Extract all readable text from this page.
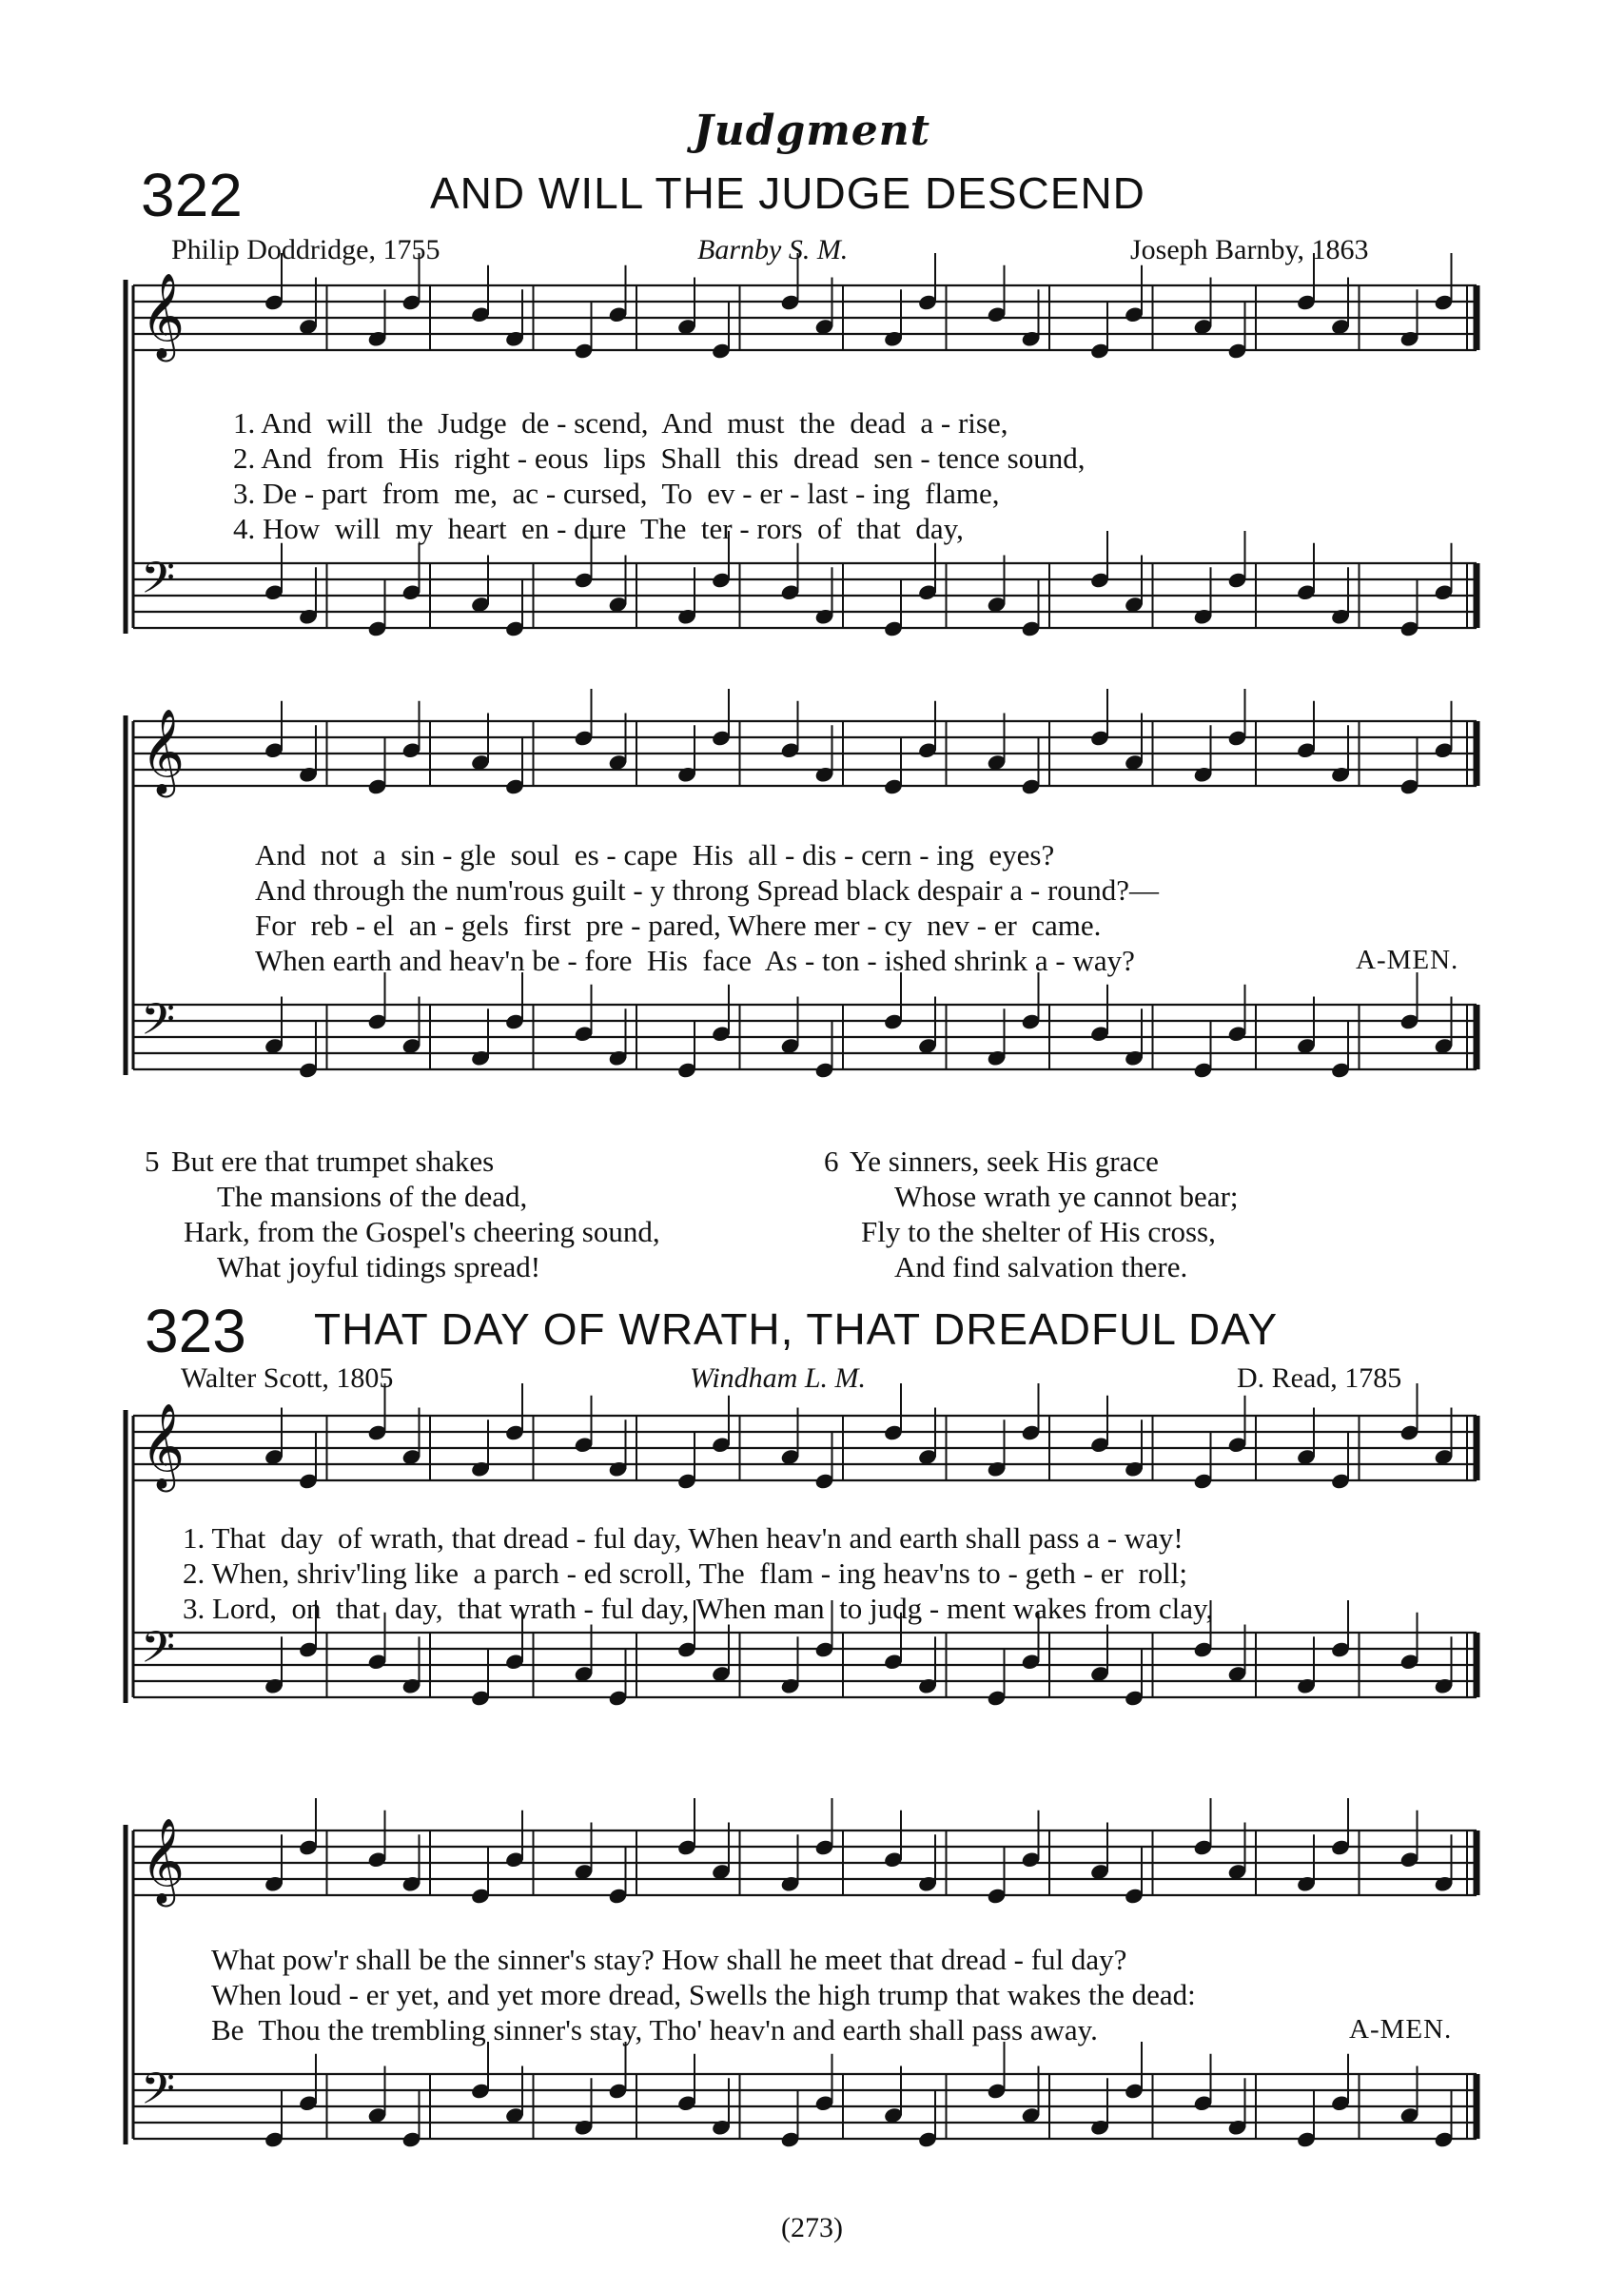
𝄞
𝄢
𝄞
𝄢
𝄞
𝄢
𝄞
𝄢
Judgment
322	AND WILL THE JUDGE DESCEND
Philip Doddridge, 1755	Barnby S. M.	Joseph Barnby, 1863
1. And  will  the  Judge  de - scend,  And  must  the  dead  a - rise,
2. And  from  His  right - eous  lips  Shall  this  dread  sen - tence sound,
3. De - part  from  me,  ac - cursed,  To  ev - er - last - ing  flame,
4. How  will  my  heart  en - dure  The  ter - rors  of  that  day,
And  not  a  sin - gle  soul  es - cape  His  all - dis - cern - ing  eyes?
And through the num'rous guilt - y throng Spread black despair a - round?—
For  reb - el  an - gels  first  pre - pared, Where mer - cy  nev - er  came.
When earth and heav'n be - fore  His  face  As - ton - ished shrink a - way?	A-MEN.
5 But ere that trumpet shakes
The mansions of the dead,
Hark, from the Gospel's cheering sound,
What joyful tidings spread!
6 Ye sinners, seek His grace
Whose wrath ye cannot bear;
Fly to the shelter of His cross,
And find salvation there.
323 THAT DAY OF WRATH, THAT DREADFUL DAY
Walter Scott, 1805	Windham L. M.	D. Read, 1785
1. That  day  of wrath, that dread - ful day, When heav'n and earth shall pass a - way!
2. When, shriv'ling like  a parch - ed scroll, The  flam - ing heav'ns to - geth - er  roll;
3. Lord,  on  that  day,  that wrath - ful day, When man  to judg - ment wakes from clay,
What pow'r shall be the sinner's stay? How shall he meet that dread - ful day?
When loud - er yet, and yet more dread, Swells the high trump that wakes the dead:
Be  Thou the trembling sinner's stay, Tho' heav'n and earth shall pass away.	A-MEN.
(273)
